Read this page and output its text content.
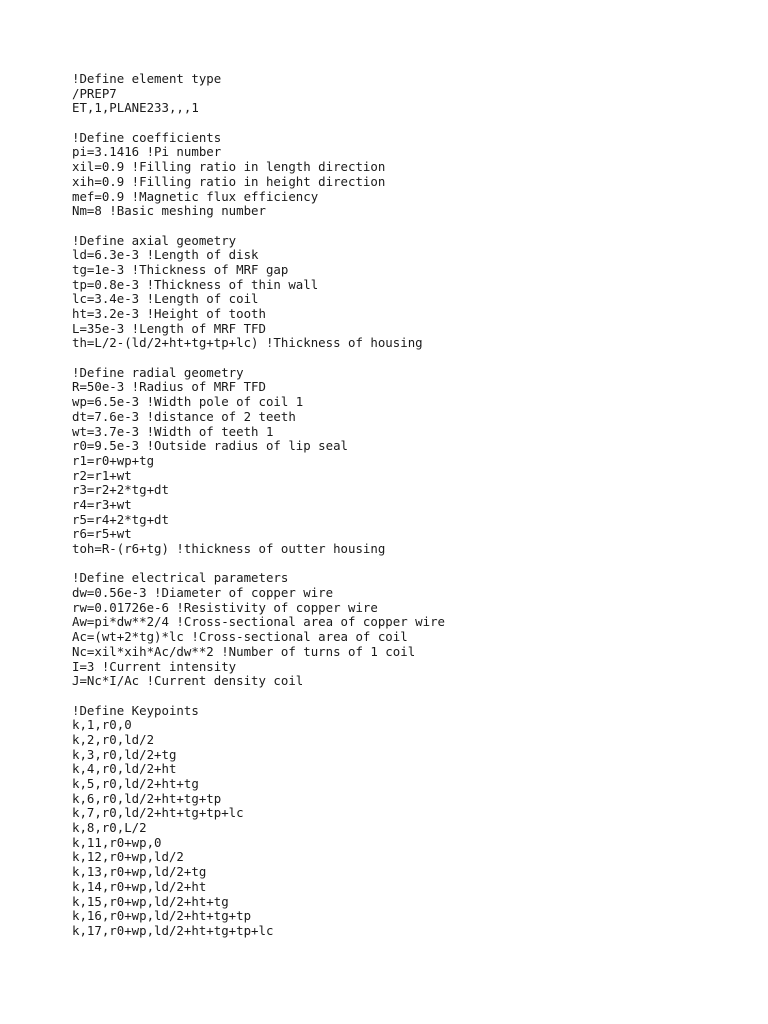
!Define element type
/PREP7
ET,1,PLANE233,,,1
!Define coefficients
pi=3.1416 !Pi number
xil=0.9 !Filling ratio in length direction
xih=0.9 !Filling ratio in height direction
mef=0.9 !Magnetic flux efficiency
Nm=8 !Basic meshing number
!Define axial geometry
ld=6.3e-3 !Length of disk
tg=1e-3 !Thickness of MRF gap
tp=0.8e-3 !Thickness of thin wall
lc=3.4e-3 !Length of coil
ht=3.2e-3 !Height of tooth
L=35e-3 !Length of MRF TFD
th=L/2-(ld/2+ht+tg+tp+lc) !Thickness of housing
!Define radial geometry
R=50e-3 !Radius of MRF TFD
wp=6.5e-3 !Width pole of coil 1
dt=7.6e-3 !distance of 2 teeth
wt=3.7e-3 !Width of teeth 1
r0=9.5e-3 !Outside radius of lip seal
r1=r0+wp+tg
r2=r1+wt
r3=r2+2*tg+dt
r4=r3+wt
r5=r4+2*tg+dt
r6=r5+wt
toh=R-(r6+tg) !thickness of outter housing
!Define electrical parameters
dw=0.56e-3 !Diameter of copper wire
rw=0.01726e-6 !Resistivity of copper wire
Aw=pi*dw**2/4 !Cross-sectional area of copper wire
Ac=(wt+2*tg)*lc !Cross-sectional area of coil
Nc=xil*xih*Ac/dw**2 !Number of turns of 1 coil
I=3 !Current intensity
J=Nc*I/Ac !Current density coil
!Define Keypoints
k,1,r0,0
k,2,r0,ld/2
k,3,r0,ld/2+tg
k,4,r0,ld/2+ht
k,5,r0,ld/2+ht+tg
k,6,r0,ld/2+ht+tg+tp
k,7,r0,ld/2+ht+tg+tp+lc
k,8,r0,L/2
k,11,r0+wp,0
k,12,r0+wp,ld/2
k,13,r0+wp,ld/2+tg
k,14,r0+wp,ld/2+ht
k,15,r0+wp,ld/2+ht+tg
k,16,r0+wp,ld/2+ht+tg+tp
k,17,r0+wp,ld/2+ht+tg+tp+lc
